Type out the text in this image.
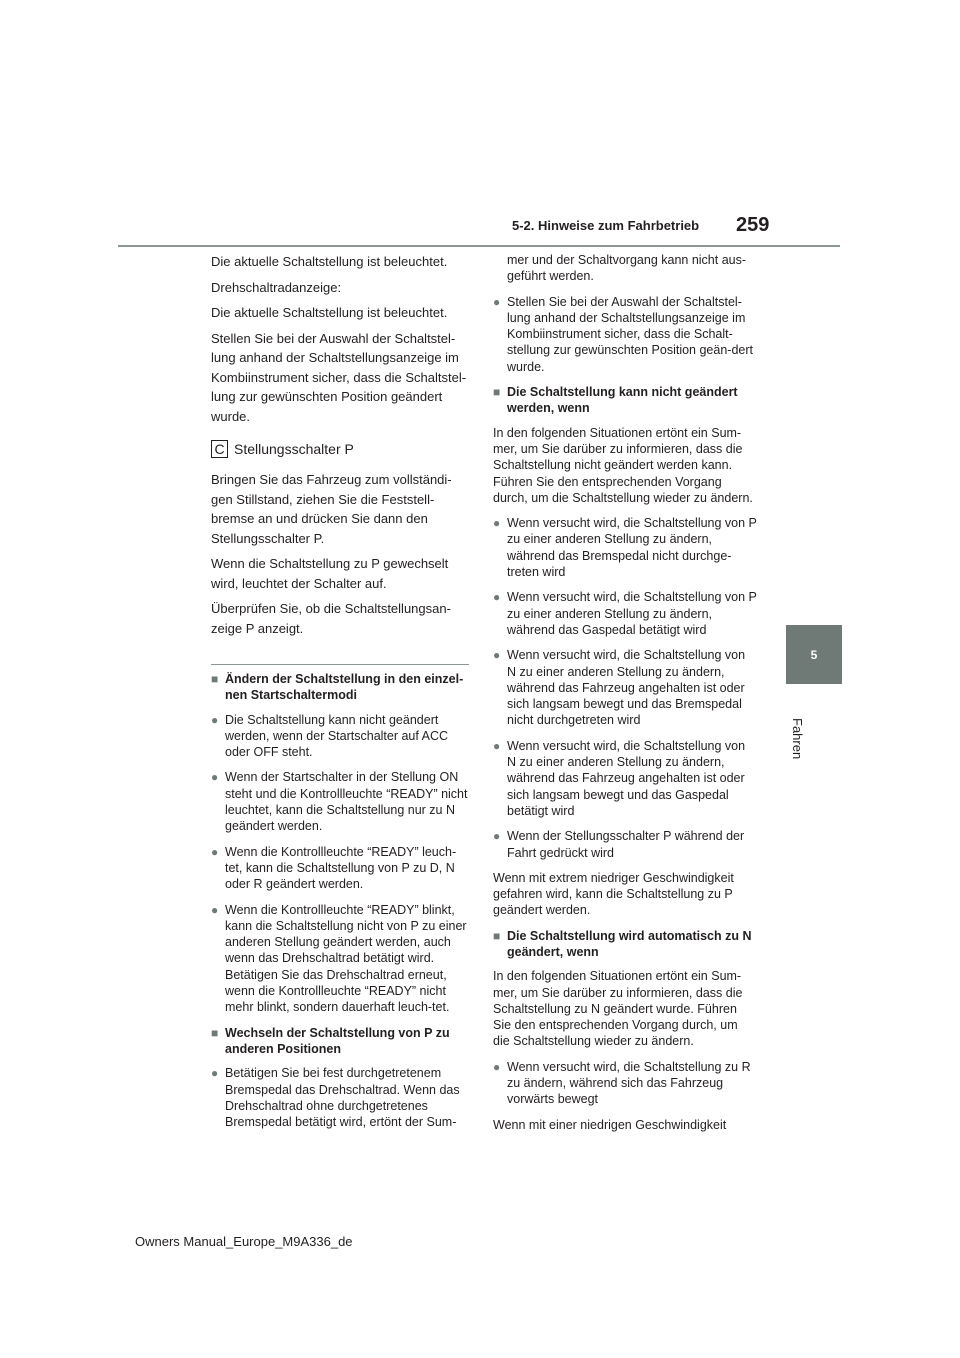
5-2. Hinweise zum Fahrbetrieb 259
5
Fahren

Die aktuelle Schaltstellung ist beleuchtet.

Drehschaltradanzeige:

Die aktuelle Schaltstellung ist beleuchtet.

Stellen Sie bei der Auswahl der Schaltstel-lung anhand der Schaltstellungsanzeige im Kombiinstrument sicher, dass die Schaltstel-lung zur gewünschten Position geändert wurde.

C Stellungsschalter P

Bringen Sie das Fahrzeug zum vollständi-gen Stillstand, ziehen Sie die Feststell-bremse an und drücken Sie dann den Stellungsschalter P.

Wenn die Schaltstellung zu P gewechselt wird, leuchtet der Schalter auf.

Überprüfen Sie, ob die Schaltstellungsan-zeige P anzeigt.

■ Ändern der Schaltstellung in den einzel-nen Startschaltermodi
● Die Schaltstellung kann nicht geändert werden, wenn der Startschalter auf ACC oder OFF steht.
● Wenn der Startschalter in der Stellung ON steht und die Kontrollleuchte “READY” nicht leuchtet, kann die Schaltstellung nur zu N geändert werden.
● Wenn die Kontrollleuchte “READY” leuch-tet, kann die Schaltstellung von P zu D, N oder R geändert werden.
● Wenn die Kontrollleuchte “READY” blinkt, kann die Schaltstellung nicht von P zu einer anderen Stellung geändert werden, auch wenn das Drehschaltrad betätigt wird. Betätigen Sie das Drehschaltrad erneut, wenn die Kontrollleuchte “READY” nicht mehr blinkt, sondern dauerhaft leuch-tet.
■ Wechseln der Schaltstellung von P zu anderen Positionen
● Betätigen Sie bei fest durchgetretenem Bremspedal das Drehschaltrad. Wenn das Drehschaltrad ohne durchgetretenes Bremspedal betätigt wird, ertönt der Sum-
mer und der Schaltvorgang kann nicht aus-geführt werden.
● Stellen Sie bei der Auswahl der Schaltstel-lung anhand der Schaltstellungsanzeige im Kombiinstrument sicher, dass die Schalt-stellung zur gewünschten Position geän-dert wurde.
■ Die Schaltstellung kann nicht geändert werden, wenn

In den folgenden Situationen ertönt ein Sum-mer, um Sie darüber zu informieren, dass die Schaltstellung nicht geändert werden kann. Führen Sie den entsprechenden Vorgang durch, um die Schaltstellung wieder zu ändern.

● Wenn versucht wird, die Schaltstellung von P zu einer anderen Stellung zu ändern, während das Bremspedal nicht durchge-treten wird
● Wenn versucht wird, die Schaltstellung von P zu einer anderen Stellung zu ändern, während das Gaspedal betätigt wird
● Wenn versucht wird, die Schaltstellung von N zu einer anderen Stellung zu ändern, während das Fahrzeug angehalten ist oder sich langsam bewegt und das Bremspedal nicht durchgetreten wird
● Wenn versucht wird, die Schaltstellung von N zu einer anderen Stellung zu ändern, während das Fahrzeug angehalten ist oder sich langsam bewegt und das Gaspedal betätigt wird
● Wenn der Stellungsschalter P während der Fahrt gedrückt wird

Wenn mit extrem niedriger Geschwindigkeit gefahren wird, kann die Schaltstellung zu P geändert werden.

■ Die Schaltstellung wird automatisch zu N geändert, wenn

In den folgenden Situationen ertönt ein Sum-mer, um Sie darüber zu informieren, dass die Schaltstellung zu N geändert wurde. Führen Sie den entsprechenden Vorgang durch, um die Schaltstellung wieder zu ändern.

● Wenn versucht wird, die Schaltstellung zu R zu ändern, während sich das Fahrzeug vorwärts bewegt

Wenn mit einer niedrigen Geschwindigkeit

Owners Manual_Europe_M9A336_de
